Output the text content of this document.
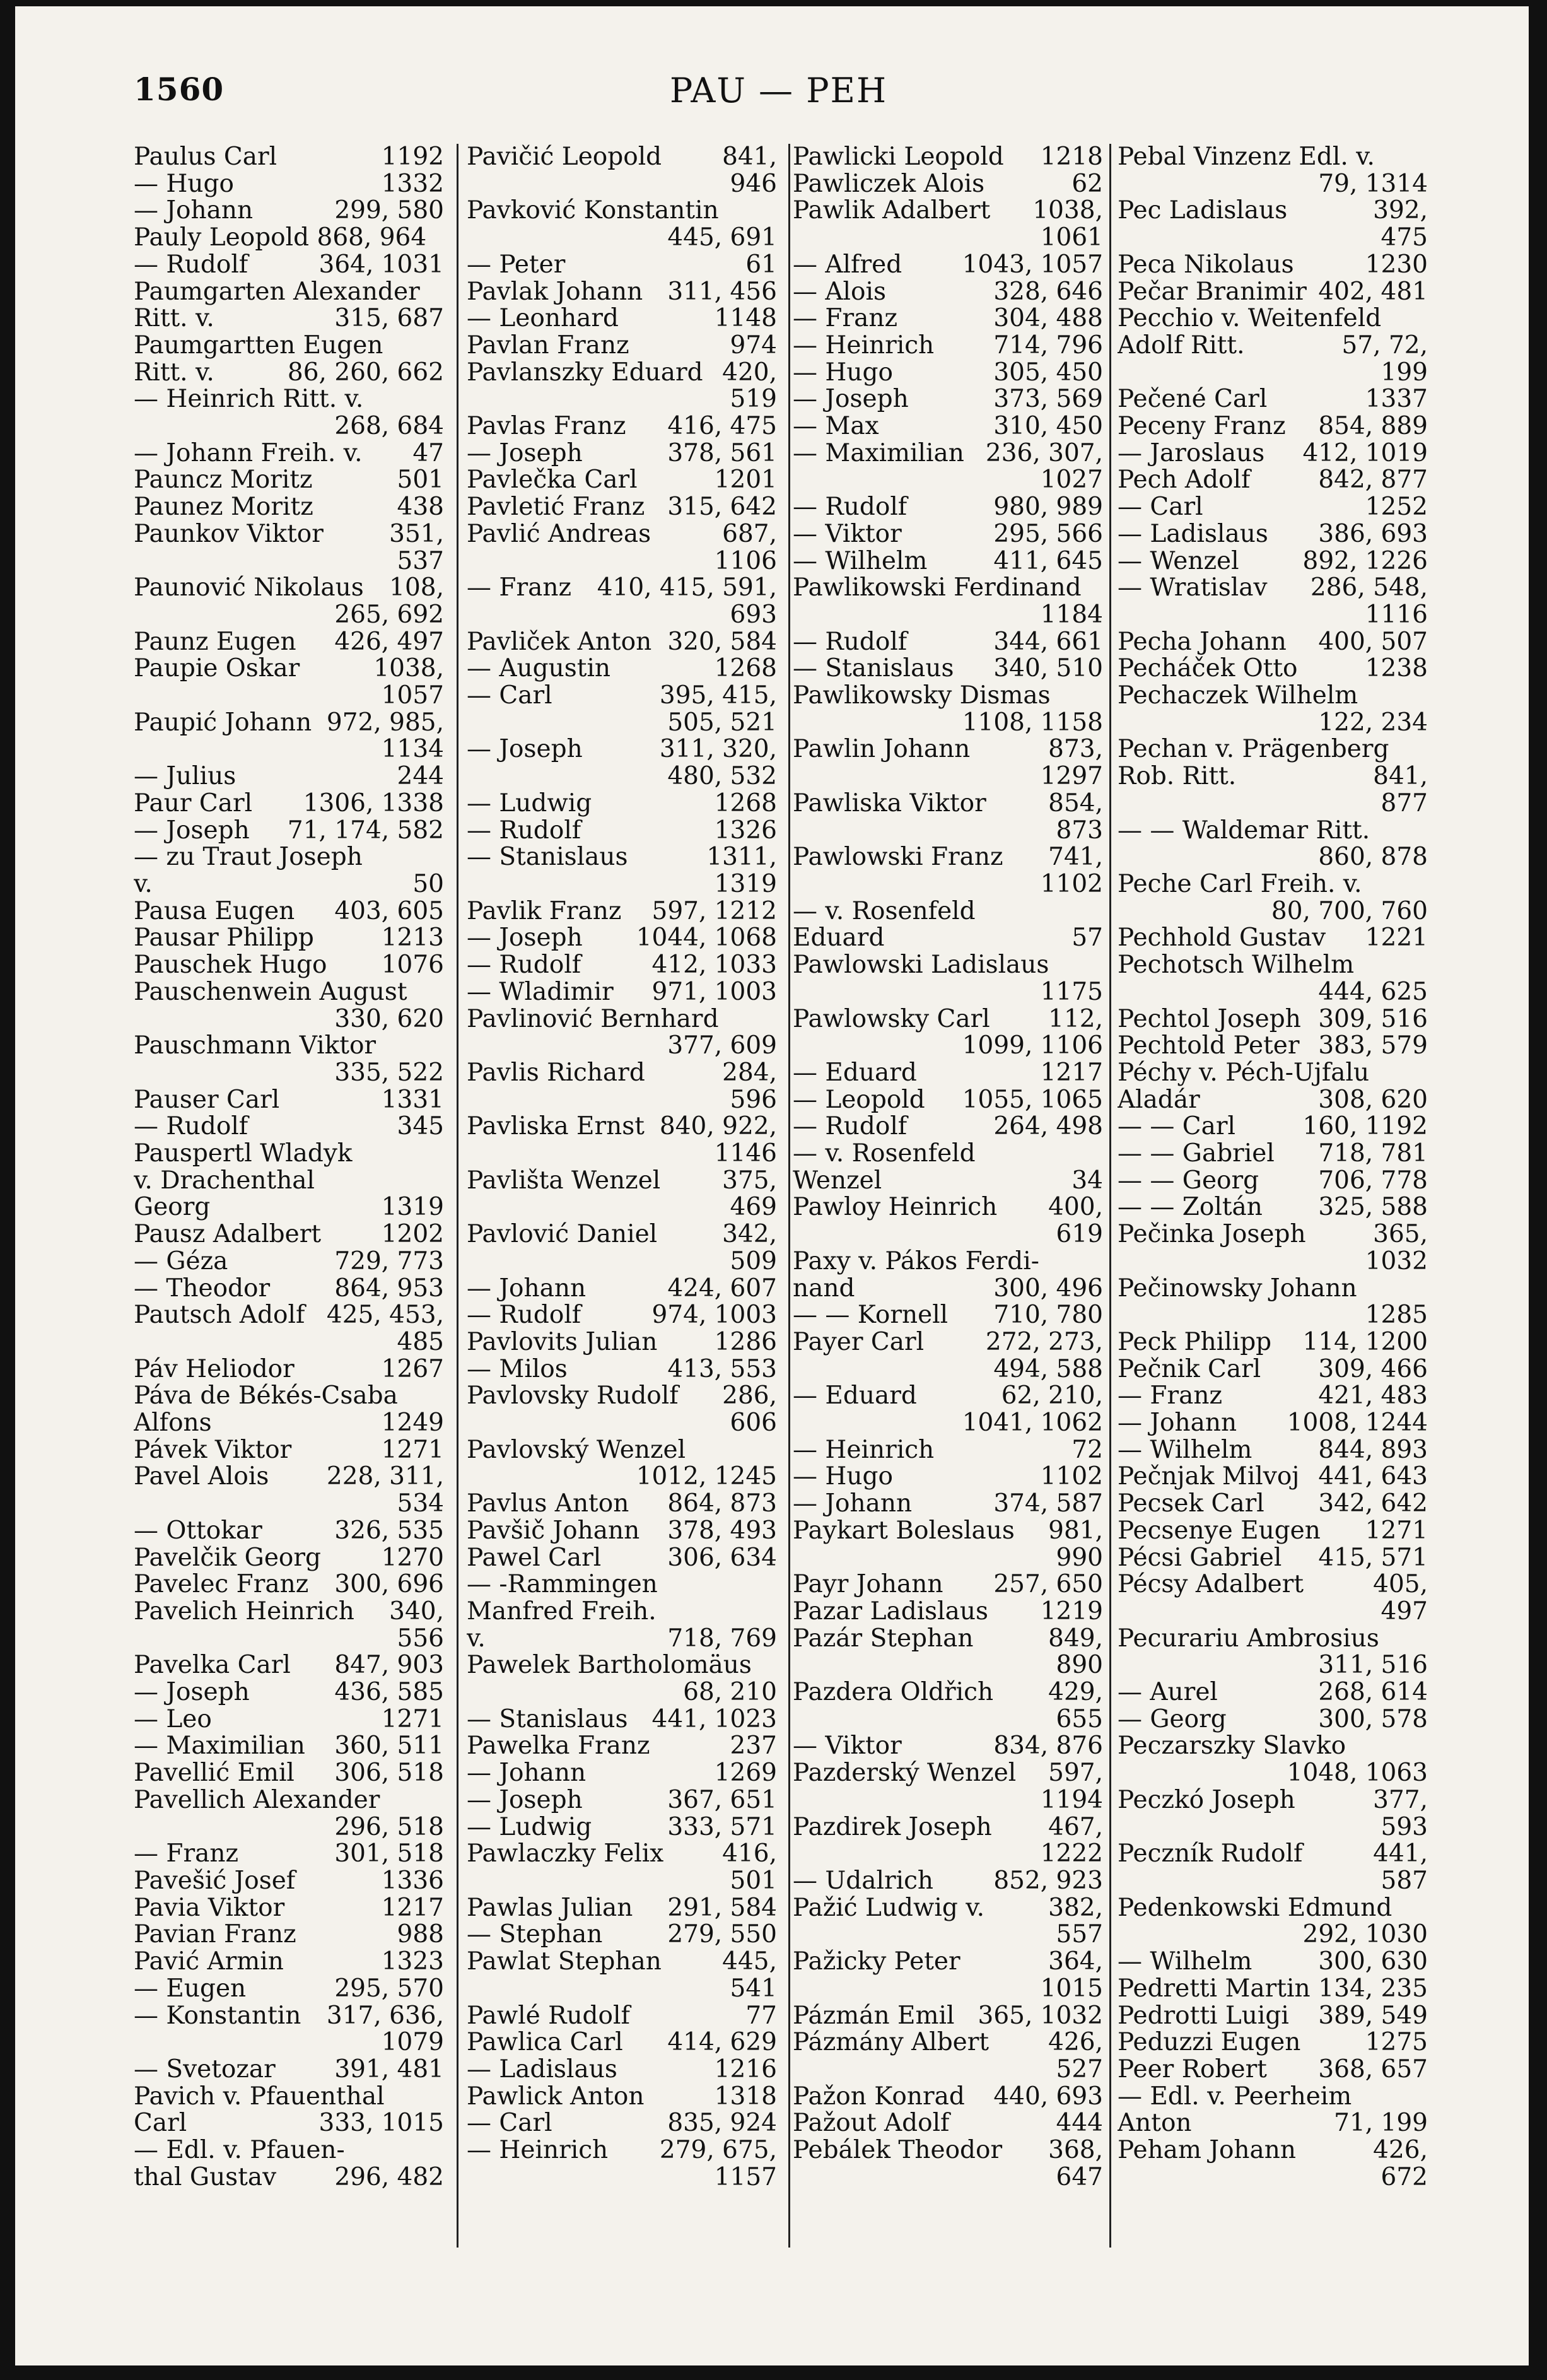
1560	PAU — PEH
Paulus Carl	1192
— Hugo	1332
— Johann	299, 580
Pauly Leopold 868, 964
— Rudolf	364, 1031
Paumgarten Alexander
Ritt. v.	315, 687
Paumgartten Eugen
Ritt. v.	86, 260, 662
— Heinrich Ritt. v.
268, 684
— Johann Freih. v.	47
Pauncz Moritz	501
Paunez Moritz	438
Paunkov Viktor	351,
537
Paunović Nikolaus	108,
265, 692
Paunz Eugen	426, 497
Paupie Oskar	1038,
1057
Paupić Johann 972, 985,
1134
— Julius	244
Paur Carl	1306, 1338
— Joseph	71, 174, 582
— zu Traut Joseph
v.	50
Pausa Eugen	403, 605
Pausar Philipp	1213
Pauschek Hugo	1076
Pauschenwein August
330, 620
Pauschmann Viktor
335, 522
Pauser Carl	1331
— Rudolf	345
Pauspertl Wladyk
v. Drachenthal
Georg	1319
Pausz Adalbert	1202
— Géza	729, 773
— Theodor	864, 953
Pautsch Adolf 425, 453,
485
Páv Heliodor	1267
Páva de Békés-Csaba
Alfons	1249
Pávek Viktor	1271
Pavel Alois	228, 311,
534
— Ottokar	326, 535
Pavelčik Georg	1270
Pavelec Franz	300, 696
Pavelich Heinrich	340,
556
Pavelka Carl	847, 903
— Joseph	436, 585
— Leo	1271
— Maximilian	360, 511
Pavellić Emil	306, 518
Pavellich Alexander
296, 518
— Franz	301, 518
Pavešić Josef	1336
Pavia Viktor	1217
Pavian Franz	988
Pavić Armin	1323
— Eugen	295, 570
— Konstantin	317, 636,
1079
— Svetozar	391, 481
Pavich v. Pfauenthal
Carl	333, 1015
— Edl. v. Pfauen-
thal Gustav	296, 482
Pavičić Leopold	841,
946
Pavković Konstantin
445, 691
— Peter	61
Pavlak Johann	311, 456
— Leonhard	1148
Pavlan Franz	974
Pavlanszky Eduard 420,
519
Pavlas Franz	416, 475
— Joseph	378, 561
Pavlečka Carl	1201
Pavletić Franz 315, 642
Pavlić Andreas	687,
1106
— Franz	410, 415, 591,
693
Pavliček Anton 320, 584
— Augustin	1268
— Carl	395, 415,
505, 521
— Joseph	311, 320,
480, 532
— Ludwig	1268
— Rudolf	1326
— Stanislaus	1311,
1319
Pavlik Franz	597, 1212
— Joseph	1044, 1068
— Rudolf	412, 1033
— Wladimir	971, 1003
Pavlinović Bernhard
377, 609
Pavlis Richard	284,
596
Pavliska Ernst 840, 922,
1146
Pavlišta Wenzel	375,
469
Pavlović Daniel	342,
509
— Johann	424, 607
— Rudolf	974, 1003
Pavlovits Julian	1286
— Milos	413, 553
Pavlovsky Rudolf	286,
606
Pavlovský Wenzel
1012, 1245
Pavlus Anton	864, 873
Pavšič Johann	378, 493
Pawel Carl	306, 634
— -Rammingen
Manfred Freih.
v.	718, 769
Pawelek Bartholomäus
68, 210
— Stanislaus 441, 1023
Pawelka Franz	237
— Johann	1269
— Joseph	367, 651
— Ludwig	333, 571
Pawlaczky Felix	416,
501
Pawlas Julian	291, 584
— Stephan	279, 550
Pawlat Stephan	445,
541
Pawlé Rudolf	77
Pawlica Carl	414, 629
— Ladislaus	1216
Pawlick Anton	1318
— Carl	835, 924
— Heinrich	279, 675,
1157
Pawlicki Leopold	1218
Pawliczek Alois	62
Pawlik Adalbert	1038,
1061
— Alfred	1043, 1057
— Alois	328, 646
— Franz	304, 488
— Heinrich	714, 796
— Hugo	305, 450
— Joseph	373, 569
— Max	310, 450
— Maximilian 236, 307,
1027
— Rudolf	980, 989
— Viktor	295, 566
— Wilhelm	411, 645
Pawlikowski Ferdinand
1184
— Rudolf	344, 661
— Stanislaus	340, 510
Pawlikowsky Dismas
1108, 1158
Pawlin Johann	873,
1297
Pawliska Viktor	854,
873
Pawlowski Franz	741,
1102
— v. Rosenfeld
Eduard	57
Pawlowski Ladislaus
1175
Pawlowsky Carl	112,
1099, 1106
— Eduard	1217
— Leopold	1055, 1065
— Rudolf	264, 498
— v. Rosenfeld
Wenzel	34
Pawloy Heinrich	400,
619
Paxy v. Pákos Ferdi-
nand	300, 496
— — Kornell	710, 780
Payer Carl	272, 273,
494, 588
— Eduard	62, 210,
1041, 1062
— Heinrich	72
— Hugo	1102
— Johann	374, 587
Paykart Boleslaus	981,
990
Payr Johann	257, 650
Pazar Ladislaus	1219
Pazár Stephan	849,
890
Pazdera Oldřich	429,
655
— Viktor	834, 876
Pazderský Wenzel	597,
1194
Pazdirek Joseph	467,
1222
— Udalrich	852, 923
Pažić Ludwig v.	382,
557
Pažicky Peter	364,
1015
Pázmán Emil 365, 1032
Pázmány Albert	426,
527
Pažon Konrad	440, 693
Pažout Adolf	444
Pebálek Theodor	368,
647
Pebal Vinzenz Edl. v.
79, 1314
Pec Ladislaus	392,
475
Peca Nikolaus	1230
Pečar Branimir 402, 481
Pecchio v. Weitenfeld
Adolf Ritt.	57, 72,
199
Pečené Carl	1337
Peceny Franz	854, 889
— Jaroslaus	412, 1019
Pech Adolf	842, 877
— Carl	1252
— Ladislaus	386, 693
— Wenzel	892, 1226
— Wratislav	286, 548,
1116
Pecha Johann	400, 507
Pecháček Otto	1238
Pechaczek Wilhelm
122, 234
Pechan v. Prägenberg
Rob. Ritt.	841,
877
— — Waldemar Ritt.
860, 878
Peche Carl Freih. v.
80, 700, 760
Pechhold Gustav	1221
Pechotsch Wilhelm
444, 625
Pechtol Joseph 309, 516
Pechtold Peter 383, 579
Péchy v. Péch-Ujfalu
Aladár	308, 620
— — Carl	160, 1192
— — Gabriel	718, 781
— — Georg	706, 778
— — Zoltán	325, 588
Pečinka Joseph	365,
1032
Pečinowsky Johann
1285
Peck Philipp	114, 1200
Pečnik Carl	309, 466
— Franz	421, 483
— Johann	1008, 1244
— Wilhelm	844, 893
Pečnjak Milvoj 441, 643
Pecsek Carl	342, 642
Pecsenye Eugen	1271
Pécsi Gabriel	415, 571
Pécsy Adalbert	405,
497
Pecurariu Ambrosius
311, 516
— Aurel	268, 614
— Georg	300, 578
Peczarszky Slavko
1048, 1063
Peczkó Joseph	377,
593
Peczník Rudolf	441,
587
Pedenkowski Edmund
292, 1030
— Wilhelm	300, 630
Pedretti Martin 134, 235
Pedrotti Luigi	389, 549
Peduzzi Eugen	1275
Peer Robert	368, 657
— Edl. v. Peerheim
Anton	71, 199
Peham Johann	426,
672
